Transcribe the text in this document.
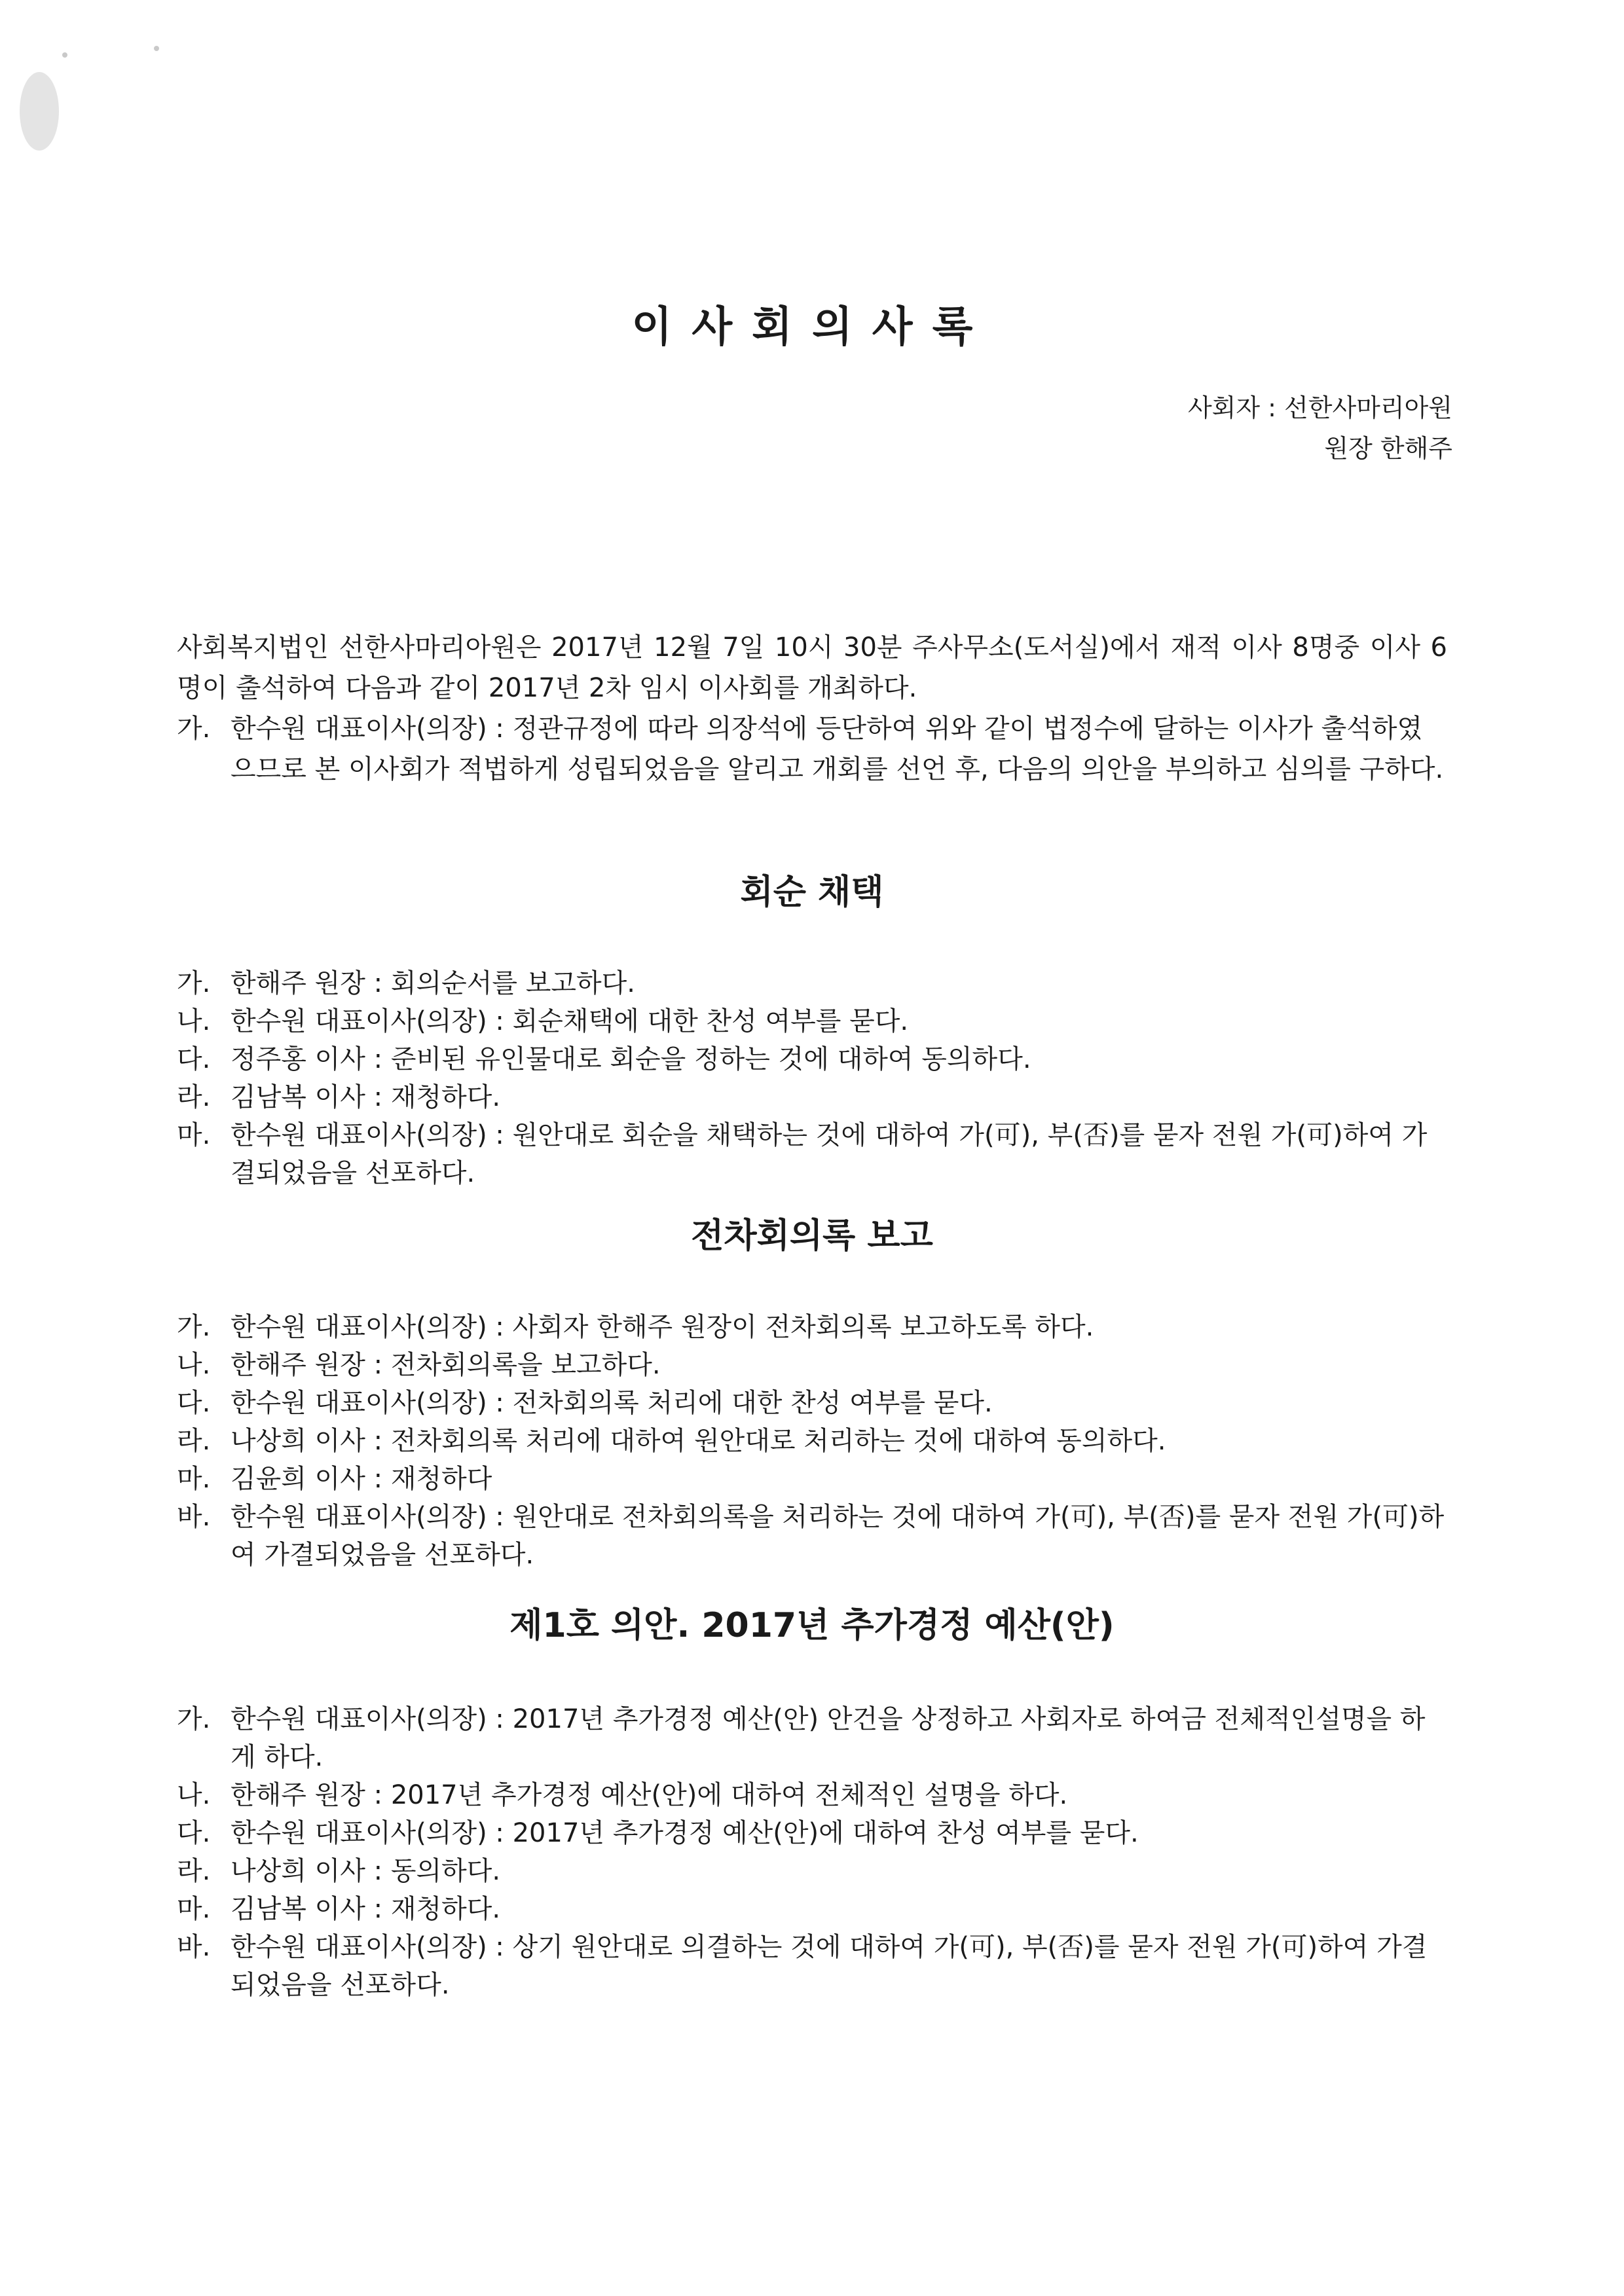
이사회의사록
사회자 : 선한사마리아원
원장 한해주

사회복지법인 선한사마리아원은 2017년 12월 7일 10시 30분 주사무소(도서실)에서 재적 이사 8명중 이사 6명이 출석하여 다음과 같이 2017년 2차 임시 이사회를 개최하다.

가. 한수원 대표이사(의장) : 정관규정에 따라 의장석에 등단하여 위와 같이 법정수에 달하는 이사가 출석하였으므로 본 이사회가 적법하게 성립되었음을 알리고 개회를 선언 후, 다음의 의안을 부의하고 심의를 구하다.
회순 채택
가. 한해주 원장 : 회의순서를 보고하다.
나. 한수원 대표이사(의장) : 회순채택에 대한 찬성 여부를 묻다.
다. 정주홍 이사 : 준비된 유인물대로 회순을 정하는 것에 대하여 동의하다.
라. 김남복 이사 : 재청하다.
마. 한수원 대표이사(의장) : 원안대로 회순을 채택하는 것에 대하여 가(可), 부(否)를 묻자 전원 가(可)하여 가결되었음을 선포하다.
전차회의록 보고
가. 한수원 대표이사(의장) : 사회자 한해주 원장이 전차회의록 보고하도록 하다.
나. 한해주 원장 : 전차회의록을 보고하다.
다. 한수원 대표이사(의장) : 전차회의록 처리에 대한 찬성 여부를 묻다.
라. 나상희 이사 : 전차회의록 처리에 대하여 원안대로 처리하는 것에 대하여 동의하다.
마. 김윤희 이사 : 재청하다
바. 한수원 대표이사(의장) : 원안대로 전차회의록을 처리하는 것에 대하여 가(可), 부(否)를 묻자 전원 가(可)하여 가결되었음을 선포하다.
제1호 의안. 2017년 추가경정 예산(안)
가. 한수원 대표이사(의장) : 2017년 추가경정 예산(안) 안건을 상정하고 사회자로 하여금 전체적인설명을 하게 하다.
나. 한해주 원장 : 2017년 추가경정 예산(안)에 대하여 전체적인 설명을 하다.
다. 한수원 대표이사(의장) : 2017년 추가경정 예산(안)에 대하여 찬성 여부를 묻다.
라. 나상희 이사 : 동의하다.
마. 김남복 이사 : 재청하다.
바. 한수원 대표이사(의장) : 상기 원안대로 의결하는 것에 대하여 가(可), 부(否)를 묻자 전원 가(可)하여 가결되었음을 선포하다.
